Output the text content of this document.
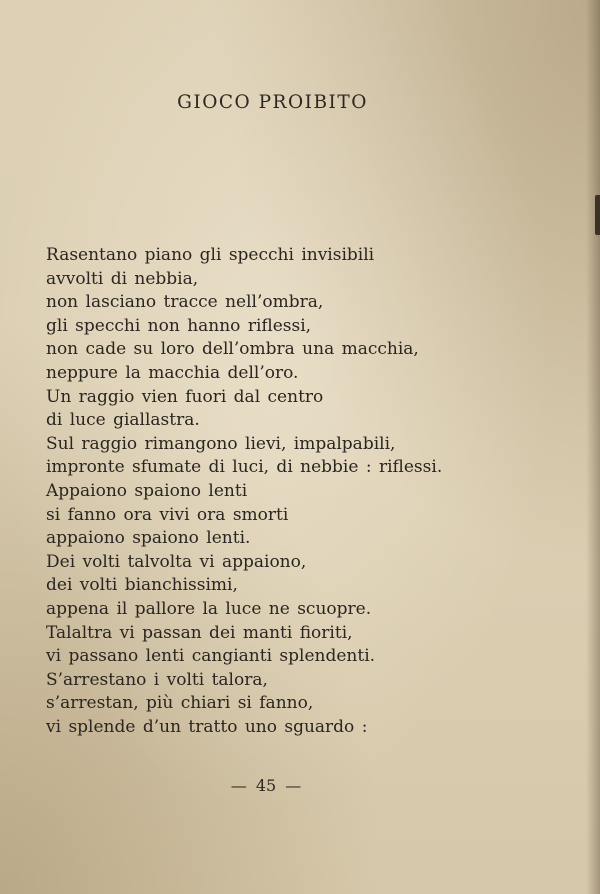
GIOCO PROIBITO
Rasentano piano gli specchi invisibili
avvolti di nebbia,
non lasciano tracce nell’ombra,
gli specchi non hanno riflessi,
non cade su loro dell’ombra una macchia,
neppure la macchia dell’oro.
Un raggio vien fuori dal centro
di luce giallastra.
Sul raggio rimangono lievi, impalpabili,
impronte sfumate di luci, di nebbie : riflessi.
Appaiono spaiono lenti
si fanno ora vivi ora smorti
appaiono spaiono lenti.
Dei volti talvolta vi appaiono,
dei volti bianchissimi,
appena il pallore la luce ne scuopre.
Talaltra vi passan dei manti fioriti,
vi passano lenti cangianti splendenti.
S’arrestano i volti talora,
s’arrestan, più chiari si fanno,
vi splende d’un tratto uno sguardo :
— 45 —
